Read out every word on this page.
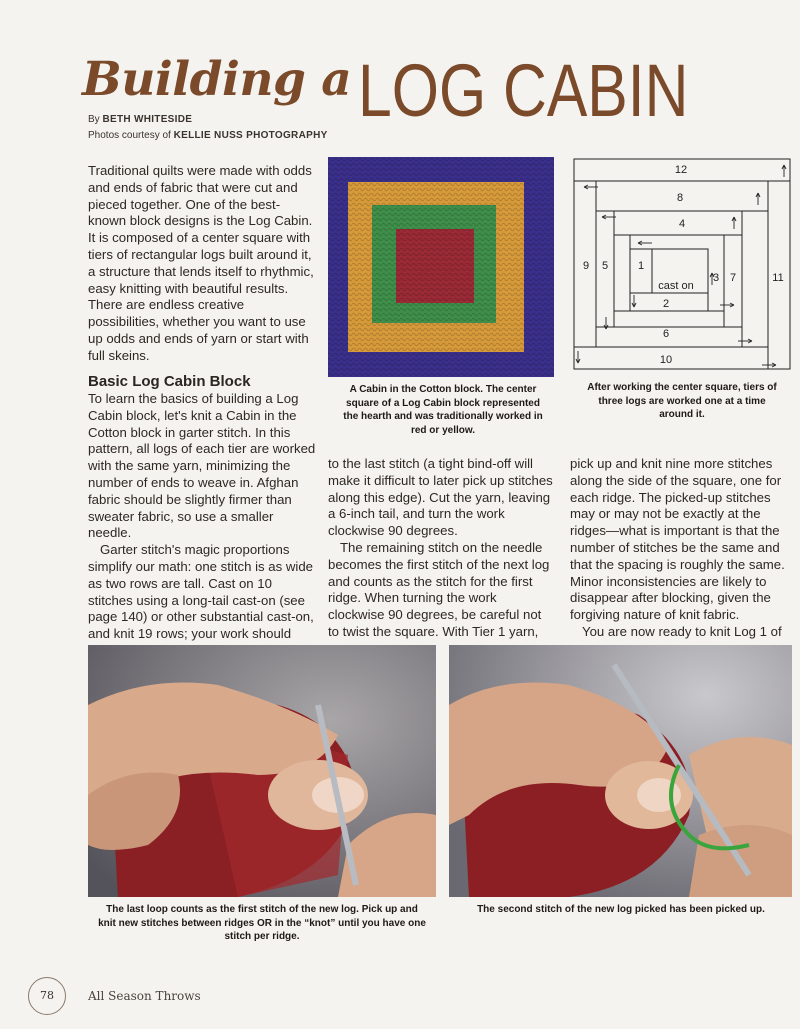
Building a LOG CABIN
By BETH WHITESIDE
Photos courtesy of KELLIE NUSS PHOTOGRAPHY

Traditional quilts were made with odds and ends of fabric that were cut and pieced together. One of the best-known block designs is the Log Cabin. It is composed of a center square with tiers of rectangular logs built around it, a structure that lends itself to rhythmic, easy knitting with beautiful results. There are endless creative possibilities, whether you want to use up odds and ends of yarn or start with full skeins.

Basic Log Cabin Block

To learn the basics of building a Log Cabin block, let's knit a Cabin in the Cotton block in garter stitch. In this pattern, all logs of each tier are worked with the same yarn, minimizing the number of ends to weave in. Afghan fabric should be slightly firmer than sweater fabric, so use a smaller needle.

Garter stitch's magic proportions simplify our math: one stitch is as wide as two rows are tall. Cast on 10 stitches using a long-tail cast-on (see page 140) or other substantial cast-on, and knit 19 rows; your work should

A Cabin in the Cotton block. The center square of a Log Cabin block represented the hearth and was traditionally worked in red or yellow.
12
8
4
9 5	1
cast on
3 7	11
2
6
10
After working the center square, tiers of three logs are worked one at a time around it.

to the last stitch (a tight bind-off will make it difficult to later pick up stitches along this edge). Cut the yarn, leaving a 6-inch tail, and turn the work clockwise 90 degrees.

The remaining stitch on the needle becomes the first stitch of the next log and counts as the stitch for the first ridge. When turning the work clockwise 90 degrees, be careful not to twist the square. With Tier 1 yarn,

pick up and knit nine more stitches along the side of the square, one for each ridge. The picked-up stitches may or may not be exactly at the ridges—what is important is that the number of stitches be the same and that the spacing is roughly the same. Minor inconsistencies are likely to disappear after blocking, given the forgiving nature of knit fabric.

You are now ready to knit Log 1 of

The last loop counts as the first stitch of the new log. Pick up and knit new stitches between ridges OR in the “knot” until you have one stitch per ridge.
The second stitch of the new log picked has been picked up.
78	All Season Throws
